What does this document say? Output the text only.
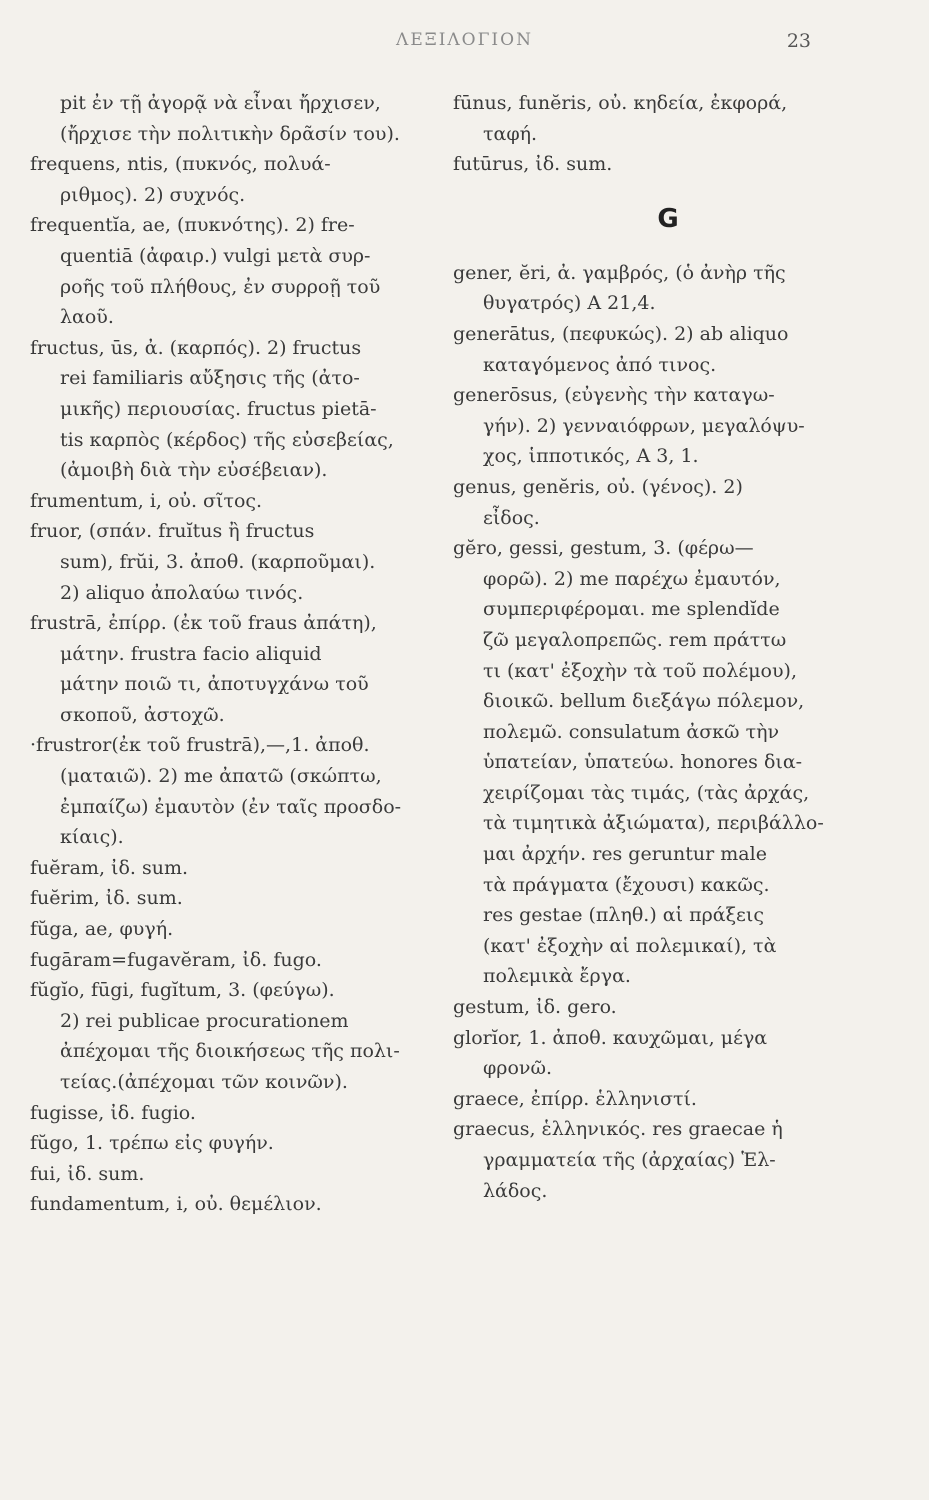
ΛΕΞΙΛΟΓΙΟΝ	23
pit ἐν τῇ ἀγορᾷ νὰ εἶναι ἤρχισεν,
(ἤρχισε τὴν πολιτικὴν δρᾶσίν του).
frequens, ntis, (πυκνός, πολυά-
ριθμος). 2) συχνός.
frequentĭa, ae, (πυκνότης). 2) fre-
quentiā (ἀφαιρ.) vulgi μετὰ συρ-
ροῆς τοῦ πλήθους, ἐν συρροῇ τοῦ
λαοῦ.
fructus, ūs, ἀ. (καρπός). 2) fructus
rei familiaris αὔξησις τῆς (ἀτο-
μικῆς) περιουσίας. fructus pietā-
tis καρπὸς (κέρδος) τῆς εὐσεβείας,
(ἀμοιβὴ διὰ τὴν εὐσέβειαν).
frumentum, i, οὐ. σῖτος.
fruor, (σπάν. fruĭtus ἢ fructus
sum), frŭi, 3. ἀποθ. (καρποῦμαι).
2) aliquo ἀπολαύω τινός.
frustrā, ἐπίρρ. (ἐκ τοῦ fraus ἀπάτη),
μάτην. frustra facio aliquid
μάτην ποιῶ τι, ἀποτυγχάνω τοῦ
σκοποῦ, ἀστοχῶ.
·frustror(ἐκ τοῦ frustrā),—,1. ἀποθ.
(ματαιῶ). 2) me ἀπατῶ (σκώπτω,
ἐμπαίζω) ἐμαυτὸν (ἐν ταῖς προσδο-
κίαις).
fuĕram, ἰδ. sum.
fuĕrim, ἰδ. sum.
fŭga, ae, φυγή.
fugāram=fugavĕram, ἰδ. fugo.
fŭgĭo, fūgi, fugĭtum, 3. (φεύγω).
2) rei publicae procurationem
ἀπέχομαι τῆς διοικήσεως τῆς πολι-
τείας.(ἀπέχομαι τῶν κοινῶν).
fugisse, ἰδ. fugio.
fŭgo, 1. τρέπω εἰς φυγήν.
fui, ἰδ. sum.
fundamentum, i, οὐ. θεμέλιον.
fūnus, funĕris, οὐ. κηδεία, ἐκφορά,
ταφή.
futūrus, ἰδ. sum.
G
gener, ĕri, ἀ. γαμβρός, (ὁ ἀνὴρ τῆς
θυγατρός) A 21,4.
generātus, (πεφυκώς). 2) ab aliquo
καταγόμενος ἀπό τινος.
generōsus, (εὐγενὴς τὴν καταγω-
γήν). 2) γενναιόφρων, μεγαλόψυ-
χος, ἱπποτικός, A 3, 1.
genus, genĕris, οὐ. (γένος). 2)
εἶδος.
gĕro, gessi, gestum, 3. (φέρω—
φορῶ). 2) me παρέχω ἐμαυτόν,
συμπεριφέρομαι. me splendĭde
ζῶ μεγαλοπρεπῶς. rem πράττω
τι (κατ' ἐξοχὴν τὰ τοῦ πολέμου),
διοικῶ. bellum διεξάγω πόλεμον,
πολεμῶ. consulatum ἀσκῶ τὴν
ὑπατείαν, ὑπατεύω. honores δια-
χειρίζομαι τὰς τιμάς, (τὰς ἀρχάς,
τὰ τιμητικὰ ἀξιώματα), περιβάλλο-
μαι ἀρχήν. res geruntur male
τὰ πράγματα (ἔχουσι) κακῶς.
res gestae (πληθ.) αἱ πράξεις
(κατ' ἐξοχὴν αἱ πολεμικαί), τὰ
πολεμικὰ ἔργα.
gestum, ἰδ. gero.
glorĭor, 1. ἀποθ. καυχῶμαι, μέγα
φρονῶ.
graece, ἐπίρρ. ἑλληνιστί.
graecus, ἑλληνικός. res graecae ἡ
γραμματεία τῆς (ἀρχαίας) Ἑλ-
λάδος.
